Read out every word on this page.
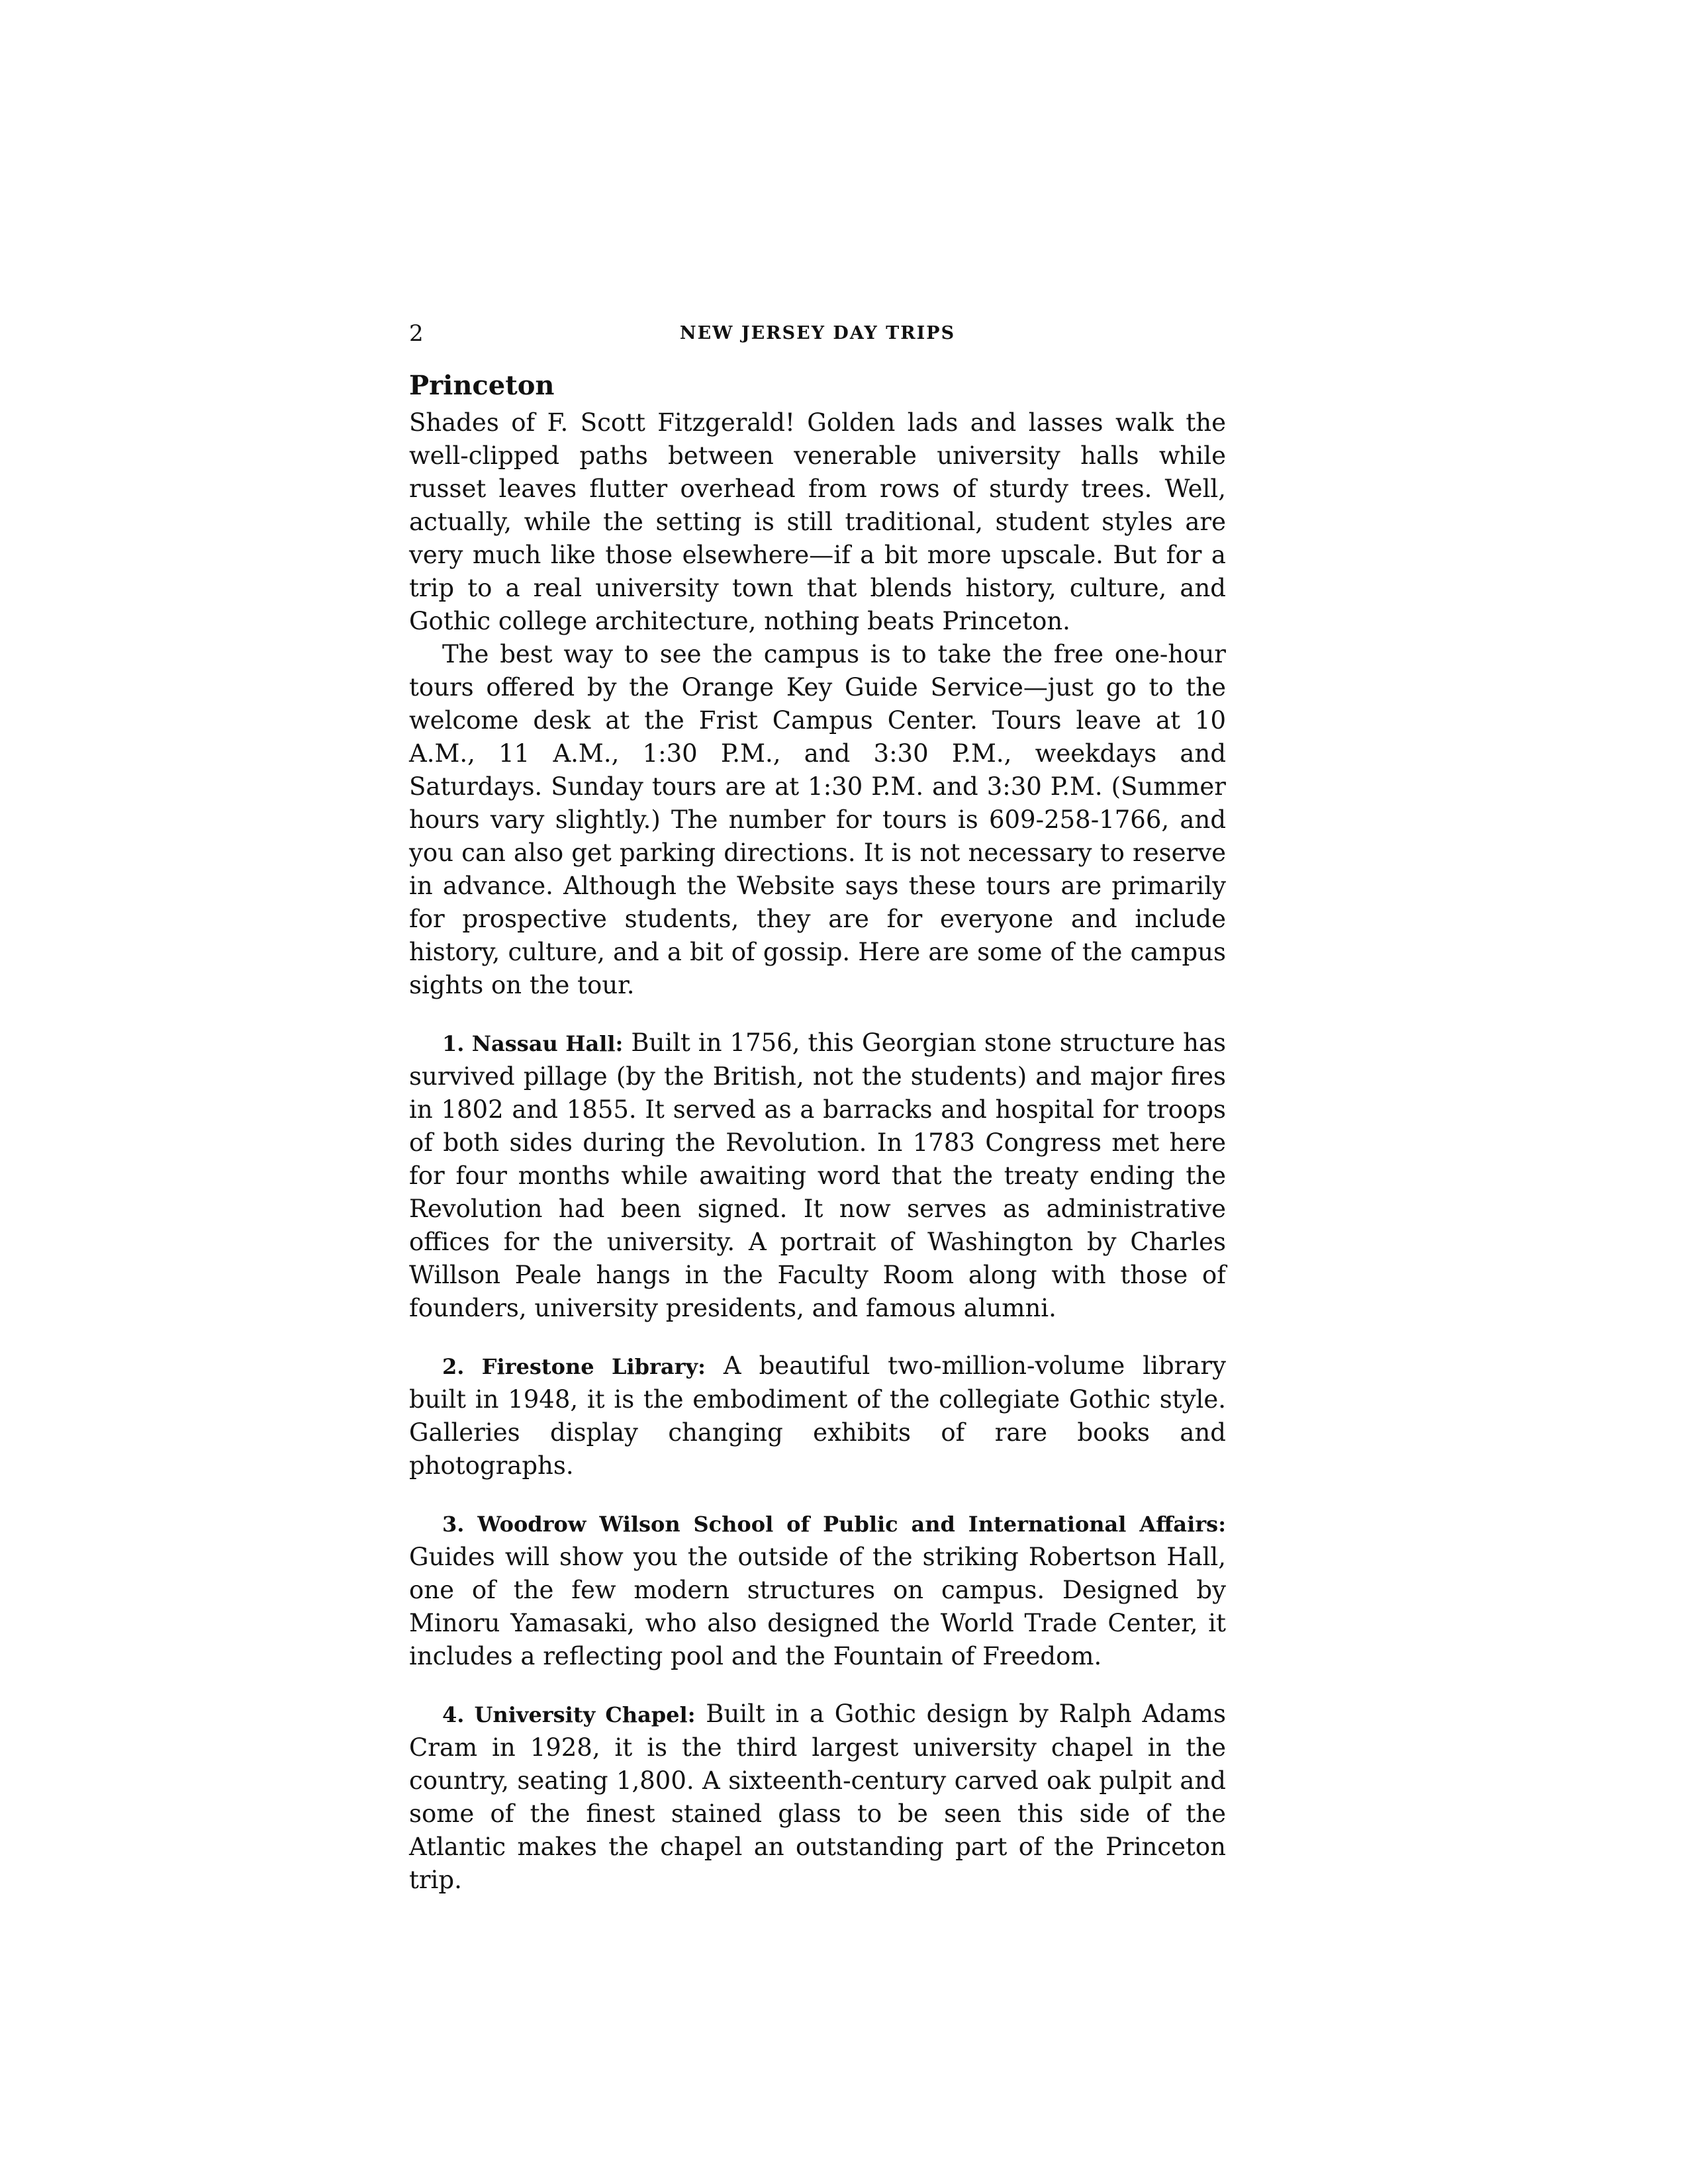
2	NEW JERSEY DAY TRIPS
Princeton

Shades of F. Scott Fitzgerald! Golden lads and lasses walk the well-clipped paths between venerable university halls while russet leaves flutter overhead from rows of sturdy trees. Well, actually, while the setting is still traditional, student styles are very much like those elsewhere—if a bit more upscale. But for a trip to a real university town that blends history, culture, and Gothic college architecture, nothing beats Princeton.

The best way to see the campus is to take the free one-hour tours offered by the Orange Key Guide Service—just go to the welcome desk at the Frist Campus Center. Tours leave at 10 A.M., 11 A.M., 1:30 P.M., and 3:30 P.M., weekdays and Saturdays. Sunday tours are at 1:30 P.M. and 3:30 P.M. (Summer hours vary slightly.) The number for tours is 609-258-1766, and you can also get parking directions. It is not necessary to reserve in advance. Although the Website says these tours are primarily for prospective students, they are for everyone and include history, culture, and a bit of gossip. Here are some of the campus sights on the tour.

1. Nassau Hall: Built in 1756, this Georgian stone structure has survived pillage (by the British, not the students) and major fires in 1802 and 1855. It served as a barracks and hospital for troops of both sides during the Revolution. In 1783 Congress met here for four months while awaiting word that the treaty ending the Revolution had been signed. It now serves as administrative offices for the university. A portrait of Washington by Charles Willson Peale hangs in the Faculty Room along with those of founders, university presidents, and famous alumni.

2. Firestone Library: A beautiful two-million-volume library built in 1948, it is the embodiment of the collegiate Gothic style. Galleries display changing exhibits of rare books and photographs.

3. Woodrow Wilson School of Public and International Affairs: Guides will show you the outside of the striking Robertson Hall, one of the few modern structures on campus. Designed by Minoru Yamasaki, who also designed the World Trade Center, it includes a reflecting pool and the Fountain of Freedom.

4. University Chapel: Built in a Gothic design by Ralph Adams Cram in 1928, it is the third largest university chapel in the country, seating 1,800. A sixteenth-century carved oak pulpit and some of the finest stained glass to be seen this side of the Atlantic makes the chapel an outstanding part of the Princeton trip.
